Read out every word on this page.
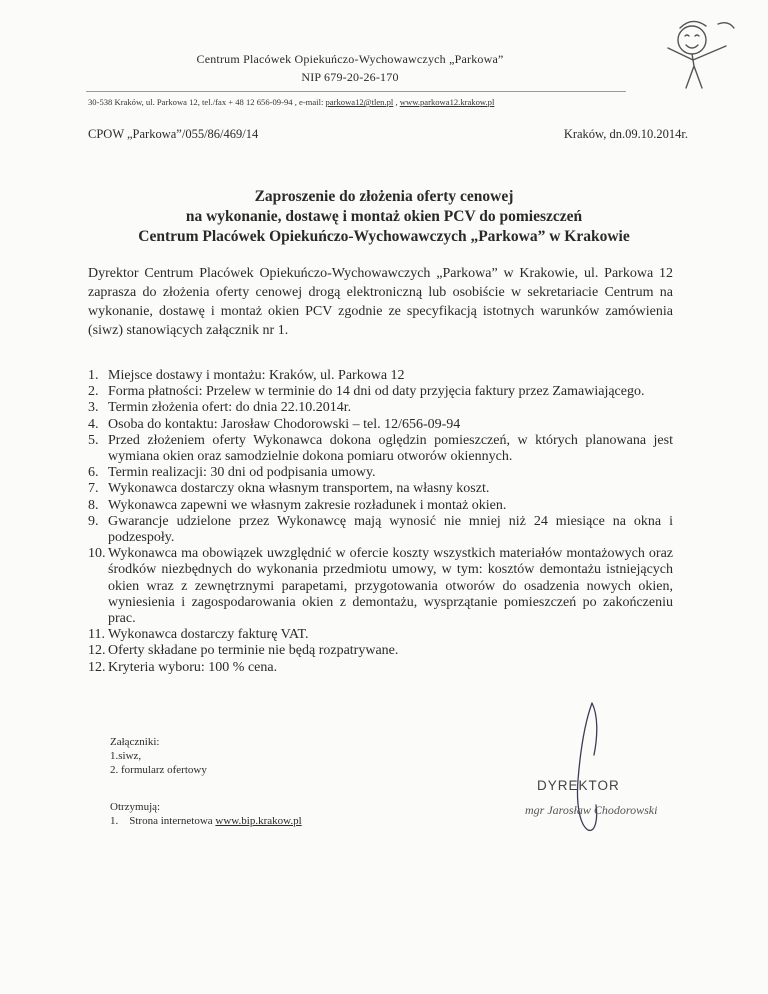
Centrum Placówek Opiekuńczo-Wychowawczych „Parkowa”
NIP 679-20-26-170
30-538 Kraków, ul. Parkowa 12, tel./fax + 48 12 656-09-94 , e-mail: parkowa12@tlen.pl , www.parkowa12.krakow.pl
CPOW „Parkowa”/055/86/469/14	Kraków, dn.09.10.2014r.
Zaproszenie do złożenia oferty cenowej
na wykonanie, dostawę i montaż okien PCV do pomieszczeń
Centrum Placówek Opiekuńczo-Wychowawczych „Parkowa” w Krakowie
Dyrektor Centrum Placówek Opiekuńczo-Wychowawczych „Parkowa” w Krakowie, ul. Parkowa 12 zaprasza do złożenia oferty cenowej drogą elektroniczną lub osobiście w sekretariacie Centrum na wykonanie, dostawę i montaż okien PCV zgodnie ze specyfikacją istotnych warunków zamówienia (siwz) stanowiących załącznik nr 1.
1. Miejsce dostawy i montażu: Kraków, ul. Parkowa 12
2. Forma płatności: Przelew w terminie do 14 dni od daty przyjęcia faktury przez Zamawiającego.
3. Termin złożenia ofert: do dnia 22.10.2014r.
4. Osoba do kontaktu: Jarosław Chodorowski – tel. 12/656-09-94
5. Przed złożeniem oferty Wykonawca dokona oględzin pomieszczeń, w których planowana jest wymiana okien oraz samodzielnie dokona pomiaru otworów okiennych.
6. Termin realizacji: 30 dni od podpisania umowy.
7. Wykonawca dostarczy okna własnym transportem, na własny koszt.
8. Wykonawca zapewni we własnym zakresie rozładunek i montaż okien.
9. Gwarancje udzielone przez Wykonawcę mają wynosić nie mniej niż 24 miesiące na okna i podzespoły.
10. Wykonawca ma obowiązek uwzględnić w ofercie koszty wszystkich materiałów montażowych oraz środków niezbędnych do wykonania przedmiotu umowy, w tym: kosztów demontażu istniejących okien wraz z zewnętrznymi parapetami, przygotowania otworów do osadzenia nowych okien, wyniesienia i zagospodarowania okien z demontażu, wysprzątanie pomieszczeń po zakończeniu prac.
11. Wykonawca dostarczy fakturę VAT.
12. Oferty składane po terminie nie będą rozpatrywane.
12. Kryteria wyboru: 100 % cena.
Załączniki:
1.siwz,
2. formularz ofertowy
Otrzymują:
1. Strona internetowa www.bip.krakow.pl
DYREKTOR
mgr Jarosław Chodorowski
